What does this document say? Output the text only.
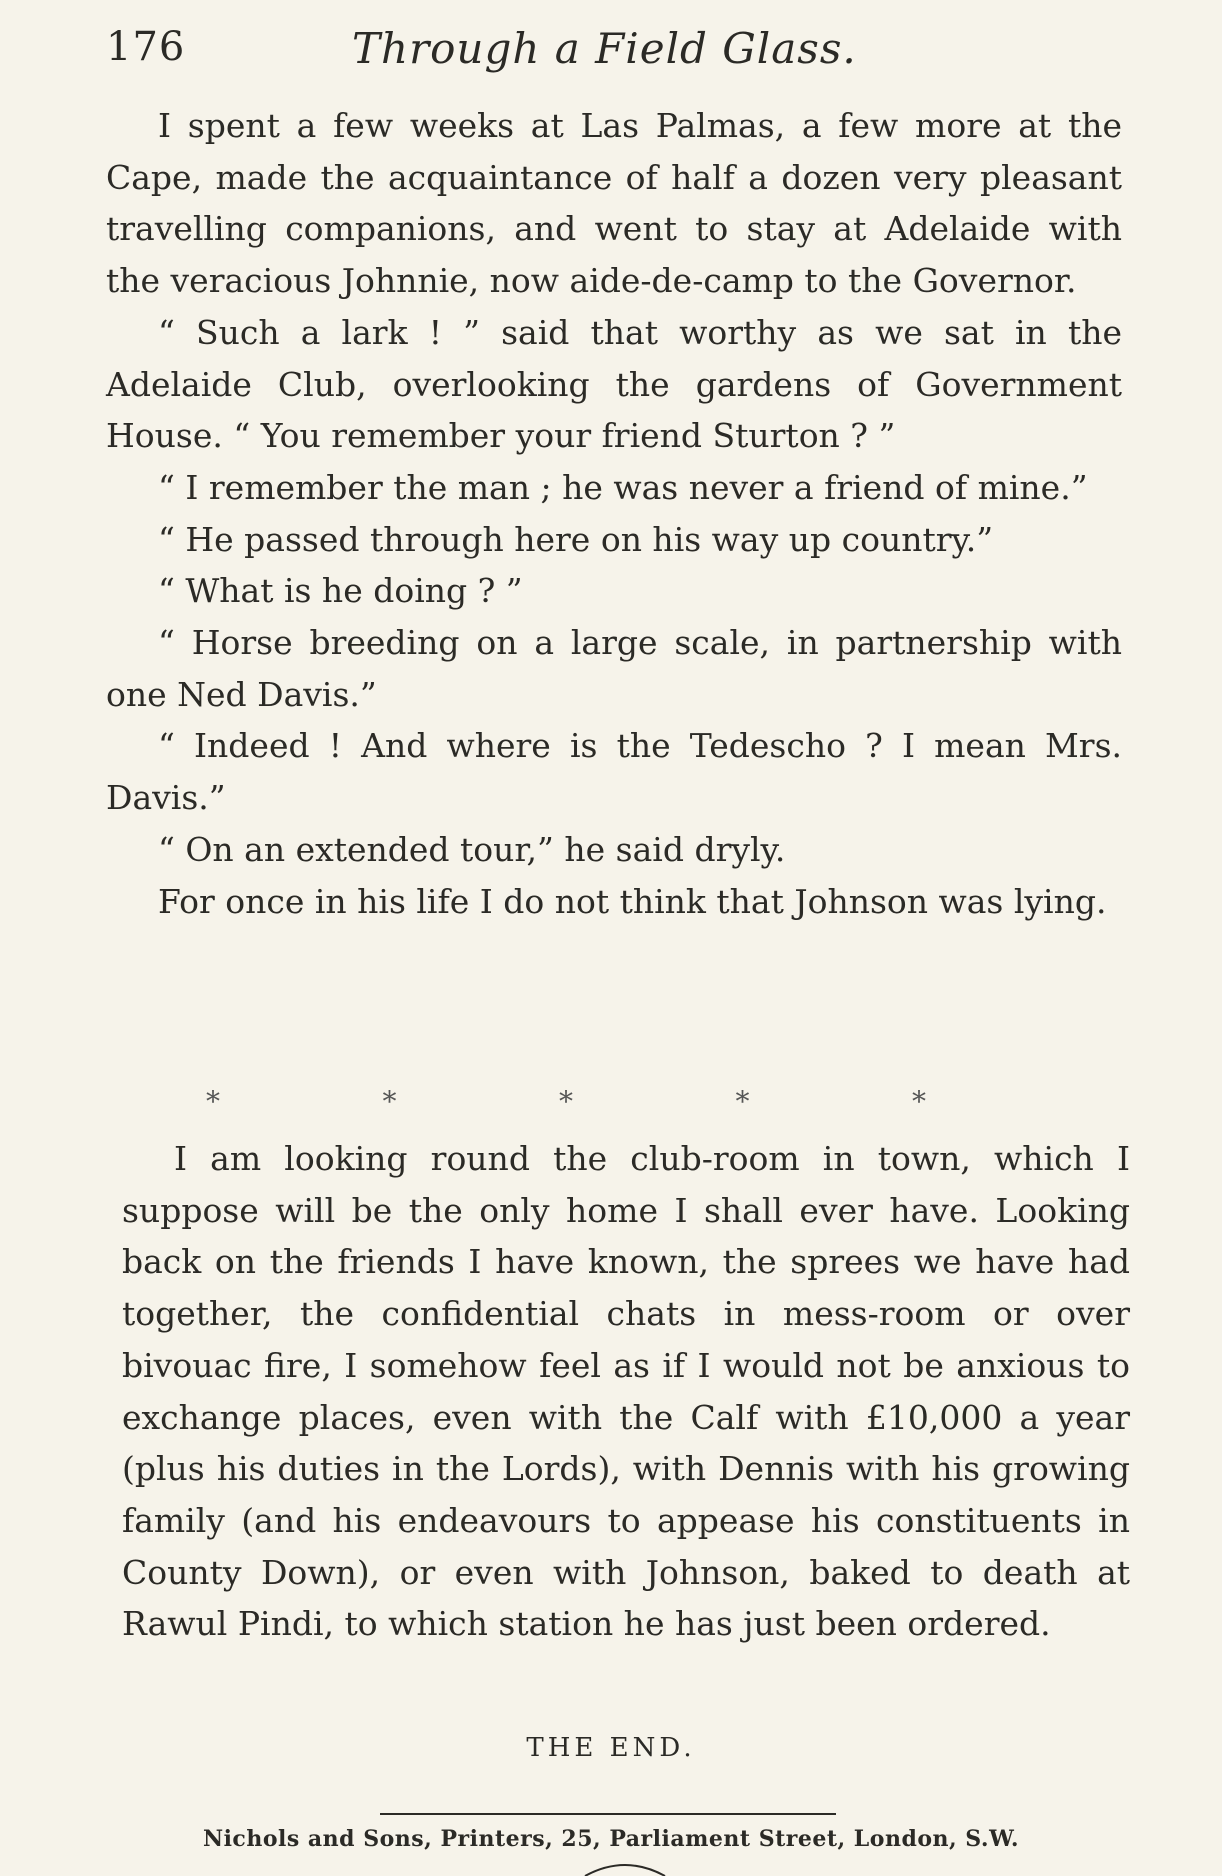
176	Through a Field Glass.

I spent a few weeks at Las Palmas, a few more at the Cape, made the acquaintance of half a dozen very pleasant travelling companions, and went to stay at Adelaide with the veracious Johnnie, now aide-de-camp to the Governor.

“ Such a lark ! ” said that worthy as we sat in the Adelaide Club, overlooking the gardens of Government House. “ You remember your friend Sturton ? ”

“ I remember the man ; he was never a friend of mine.”

“ He passed through here on his way up country.”

“ What is he doing ? ”

“ Horse breeding on a large scale, in partnership with one Ned Davis.”

“ Indeed ! And where is the Tedescho ? I mean Mrs. Davis.”

“ On an extended tour,” he said dryly.

For once in his life I do not think that Johnson was lying.

*	*	*	*	*

I am looking round the club-room in town, which I suppose will be the only home I shall ever have. Looking back on the friends I have known, the sprees we have had together, the confidential chats in mess-room or over bivouac fire, I somehow feel as if I would not be anxious to exchange places, even with the Calf with £10,000 a year (plus his duties in the Lords), with Dennis with his growing family (and his endeavours to appease his constituents in County Down), or even with Johnson, baked to death at Rawul Pindi, to which station he has just been ordered.

THE END.
Nichols and Sons, Printers, 25, Parliament Street, London, S.W.
